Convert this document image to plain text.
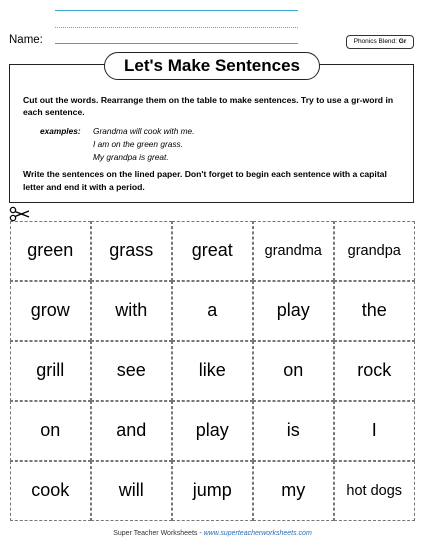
Name:	Phonics Blend: Gr
Let's Make Sentences
Cut out the words. Rearrange them on the table to make sentences. Try to use a gr-word in each sentence.
examples: Grandma will cook with me.
I am on the green grass.
My grandpa is great.
Write the sentences on the lined paper. Don't forget to begin each sentence with a capital letter and end it with a period.
green	grass	great	grandma	grandpa
grow	with	a	play	the
grill	see	like	on	rock
on	and	play	is	I
cook	will	jump	my	hot dogs
Super Teacher Worksheets - www.superteacherworksheets.com
